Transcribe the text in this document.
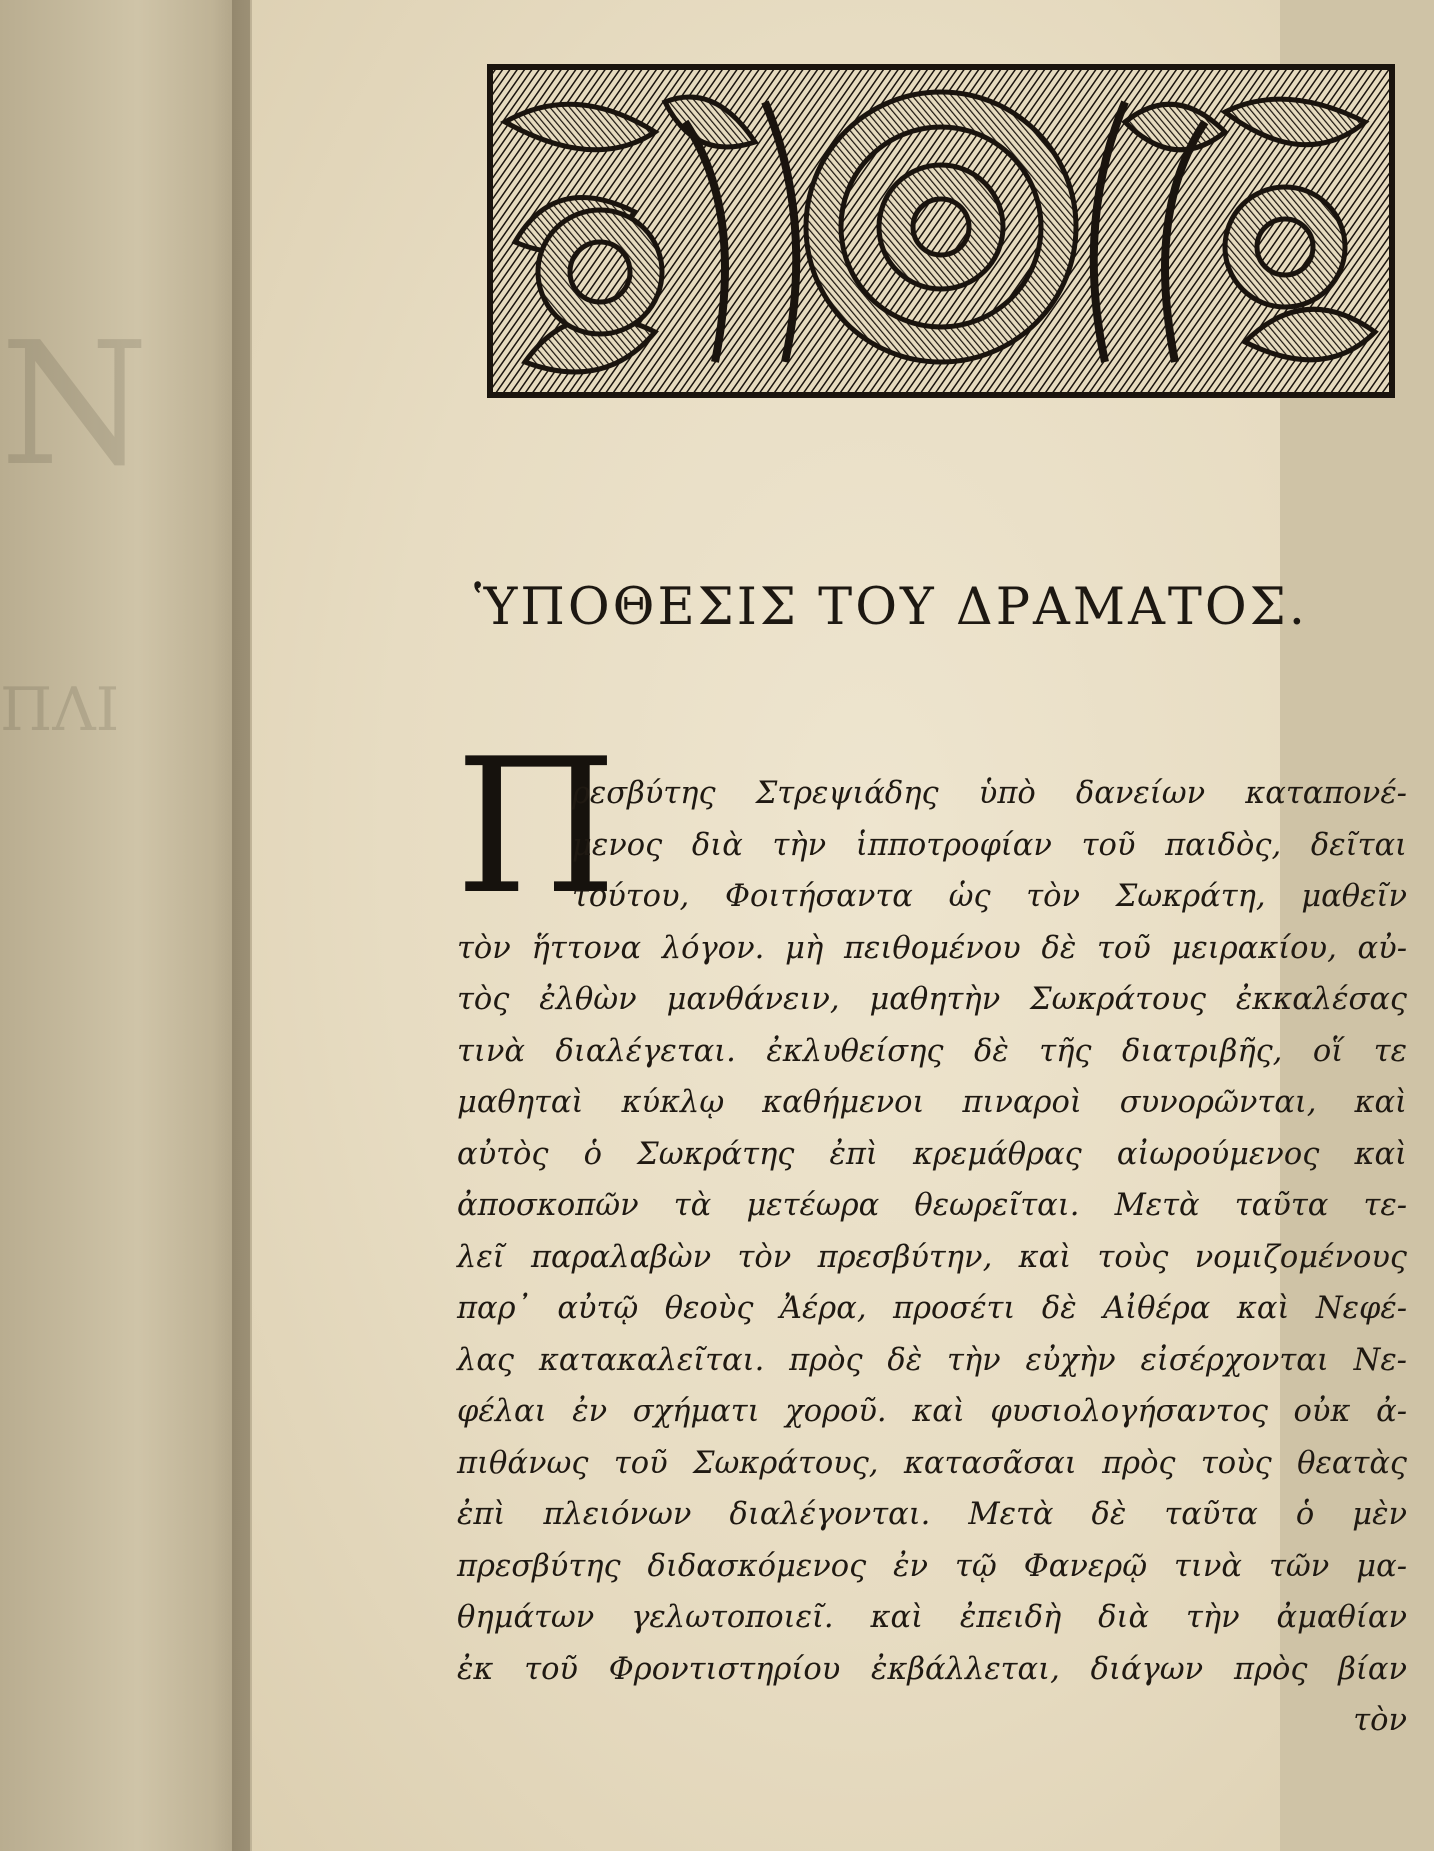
Ν
ΠΛΙ
ὙΠΟΘΕΣΙΣ ΤΟΥ ΔΡΑΜΑΤΟΣ.
Π
ρεσβύτης Στρεψιάδης ὑπὸ δανείων καταπονέ-
μενος διὰ τὴν ἱπποτροφίαν τοῦ παιδὸς, δεῖται
τούτου, Φοιτήσαντα ὡς τὸν Σωκράτη, μαθεῖν
τὸν ἥττονα λόγον. μὴ πειθομένου δὲ τοῦ μειρακίου, αὐ-
τὸς ἐλθὼν μανθάνειν, μαθητὴν Σωκράτους ἐκκαλέσας
τινὰ διαλέγεται. ἐκλυθείσης δὲ τῆς διατριβῆς, οἵ τε
μαθηταὶ κύκλῳ καθήμενοι πιναροὶ συνορῶνται, καὶ
αὐτὸς ὁ Σωκράτης ἐπὶ κρεμάθρας αἰωρούμενος καὶ
ἀποσκοπῶν τὰ μετέωρα θεωρεῖται. Μετὰ ταῦτα τε-
λεῖ παραλαβὼν τὸν πρεσβύτην, καὶ τοὺς νομιζομένους
παρ᾽ αὐτῷ θεοὺς Ἀέρα, προσέτι δὲ Αἰθέρα καὶ Νεφέ-
λας κατακαλεῖται. πρὸς δὲ τὴν εὐχὴν εἰσέρχονται Νε-
φέλαι ἐν σχήματι χοροῦ. καὶ φυσιολογήσαντος οὐκ ἀ-
πιθάνως τοῦ Σωκράτους, κατασᾶσαι πρὸς τοὺς θεατὰς
ἐπὶ πλειόνων διαλέγονται. Μετὰ δὲ ταῦτα ὁ μὲν
πρεσβύτης διδασκόμενος ἐν τῷ Φανερῷ τινὰ τῶν μα-
θημάτων γελωτοποιεῖ. καὶ ἐπειδὴ διὰ τὴν ἀμαθίαν
ἐκ τοῦ Φροντιστηρίου ἐκβάλλεται, διάγων πρὸς βίαν
τὸν
